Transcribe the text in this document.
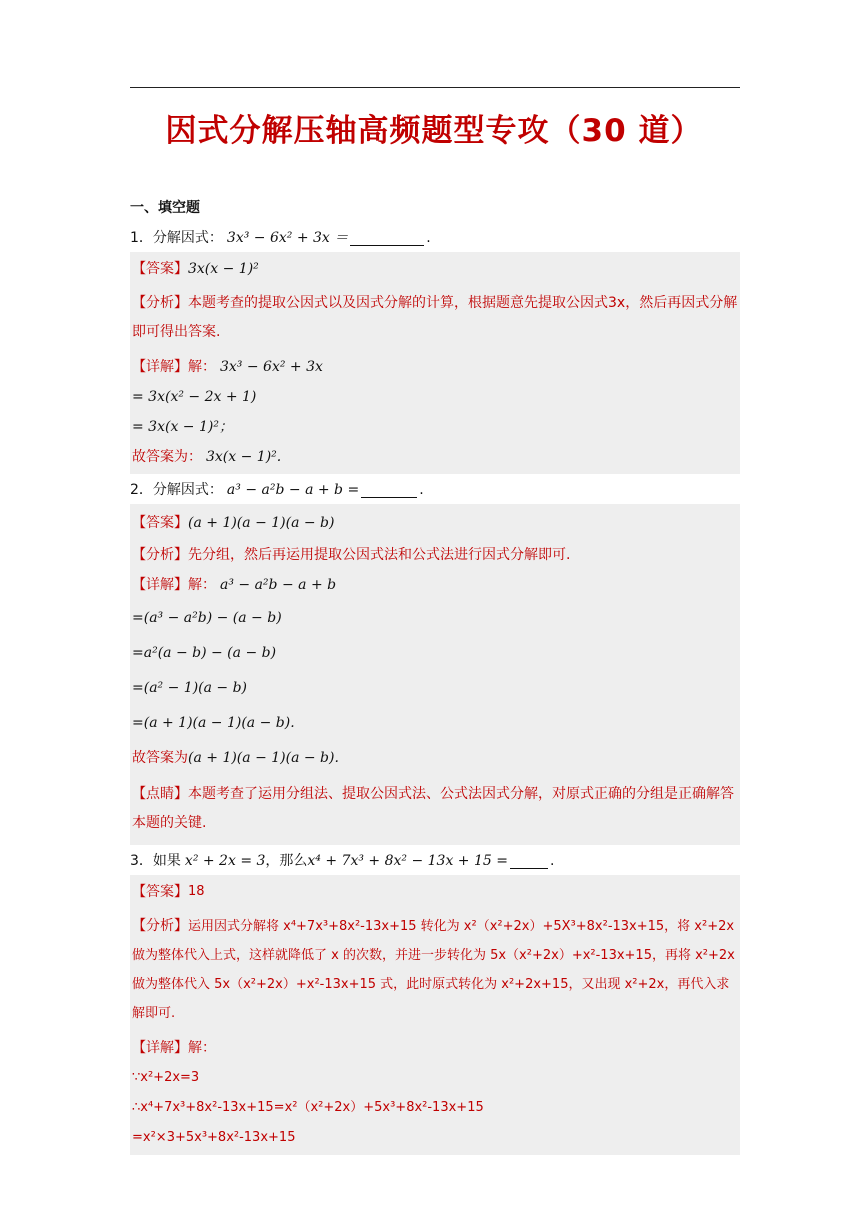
因式分解压轴高频题型专攻（30 道）
一、填空题
1．分解因式： 3x³ − 6x² + 3x ＝	.
【答案】 3x(x − 1)²
【分析】本题考查的提取公因式以及因式分解的计算，根据题意先提取公因式3x，然后再因式分解即可得出答案.
【详解】 解： 3x³ − 6x² + 3x
= 3x(x² − 2x + 1)
= 3x(x − 1)²；
故答案为： 3x(x − 1)².
2．分解因式： a³ − a²b − a + b =	.
【答案】 (a + 1)(a − 1)(a − b)
【分析】 先分组，然后再运用提取公因式法和公式法进行因式分解即可.
【详解】 解： a³ − a²b − a + b
=(a³ − a²b) − (a − b)
=a²(a − b) − (a − b)
=(a² − 1)(a − b)
=(a + 1)(a − 1)(a − b).
故答案为 (a + 1)(a − 1)(a − b).
【点睛】本题考查了运用分组法、提取公因式法、公式法因式分解，对原式正确的分组是正确解答本题的关键.
3．如果 x² + 2x = 3 ，那么 x⁴ + 7x³ + 8x² − 13x + 15 =	.
【答案】 18
【分析】运用因式分解将 x⁴+7x³+8x²-13x+15 转化为 x²（x²+2x）+5X³+8x²-13x+15，将 x²+2x 做为整体代入上式，这样就降低了 x 的次数，并进一步转化为 5x（x²+2x）+x²-13x+15，再将 x²+2x 做为整体代入 5x（x²+2x）+x²-13x+15 式，此时原式转化为 x²+2x+15，又出现 x²+2x，再代入求解即可.
【详解】 解：
∵x²+2x=3
∴x⁴+7x³+8x²-13x+15=x²（x²+2x）+5x³+8x²-13x+15
=x²×3+5x³+8x²-13x+15
